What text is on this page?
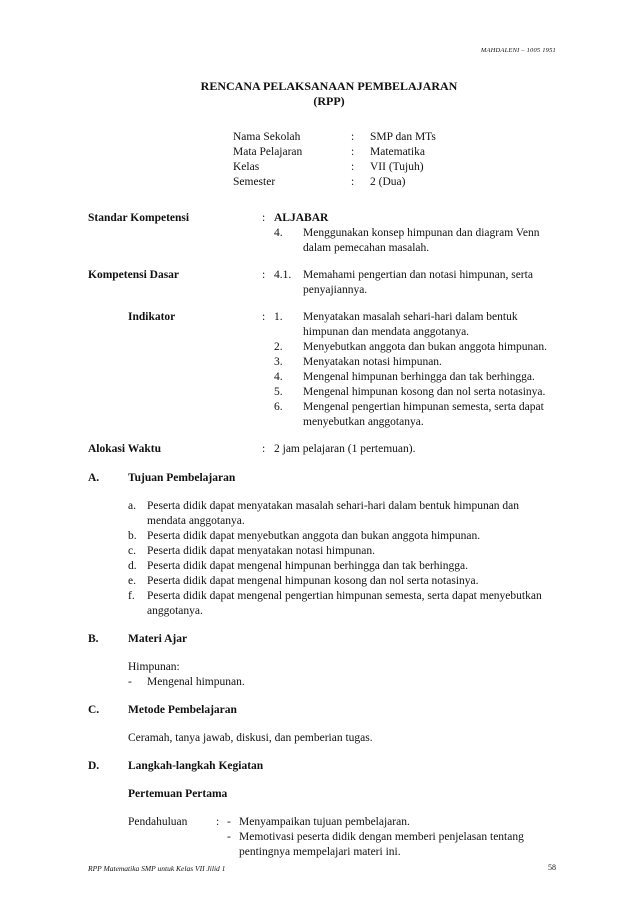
MAHDALENI – 1005 1951
RENCANA PELAKSANAAN PEMBELAJARAN
(RPP)
Nama Sekolah	: SMP dan MTs
Mata Pelajaran	: Matematika
Kelas	: VII (Tujuh)
Semester	: 2 (Dua)
Standar Kompetensi	: ALJABAR
4. Menggunakan konsep himpunan dan diagram Venn
dalam pemecahan masalah.
Kompetensi Dasar	: 4.1. Memahami pengertian dan notasi himpunan, serta
penyajiannya.
Indikator	: 1. Menyatakan masalah sehari-hari dalam bentuk
himpunan dan mendata anggotanya.
2. Menyebutkan anggota dan bukan anggota himpunan.
3. Menyatakan notasi himpunan.
4. Mengenal himpunan berhingga dan tak berhingga.
5. Mengenal himpunan kosong dan nol serta notasinya.
6. Mengenal pengertian himpunan semesta, serta dapat
menyebutkan anggotanya.
Alokasi Waktu	: 2 jam pelajaran (1 pertemuan).
A.	Tujuan Pembelajaran
a. Peserta didik dapat menyatakan masalah sehari-hari dalam bentuk himpunan dan
mendata anggotanya.
b. Peserta didik dapat menyebutkan anggota dan bukan anggota himpunan.
c. Peserta didik dapat menyatakan notasi himpunan.
d. Peserta didik dapat mengenal himpunan berhingga dan tak berhingga.
e. Peserta didik dapat mengenal himpunan kosong dan nol serta notasinya.
f. Peserta didik dapat mengenal pengertian himpunan semesta, serta dapat menyebutkan
anggotanya.
B.	Materi Ajar
Himpunan:
- Mengenal himpunan.
C.	Metode Pembelajaran
Ceramah, tanya jawab, diskusi, dan pemberian tugas.
D.	Langkah-langkah Kegiatan
Pertemuan Pertama
Pendahuluan	: - Menyampaikan tujuan pembelajaran.
- Memotivasi peserta didik dengan memberi penjelasan tentang
pentingnya mempelajari materi ini.
RPP Matematika SMP untuk Kelas VII Jilid 1	58
